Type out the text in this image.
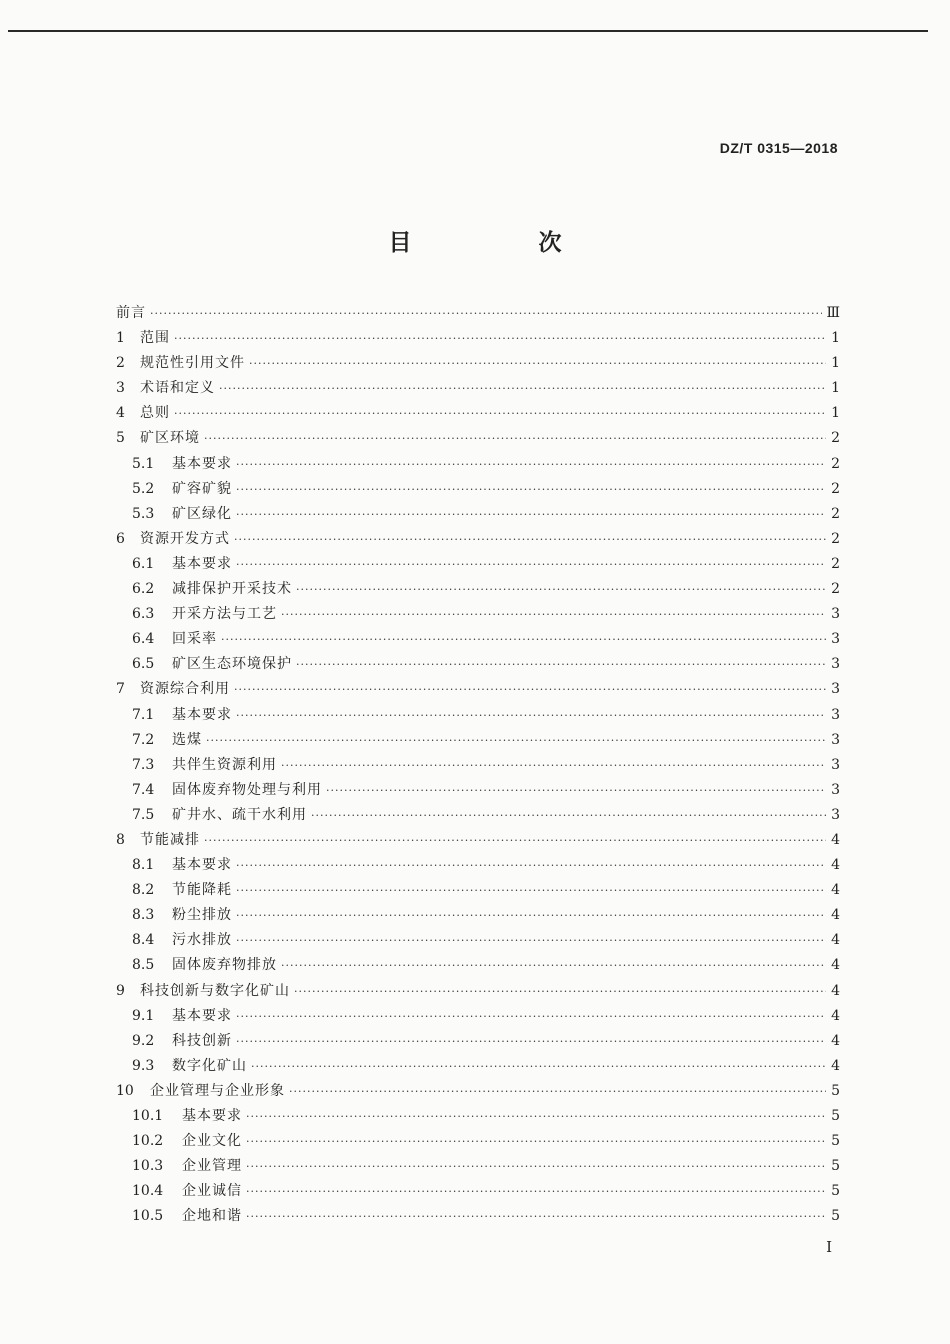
DZ/T 0315—2018
目　次
前言 ·····	Ⅲ
1	范围 ·····	1
2	规范性引用文件 ·····	1
3	术语和定义 ·····	1
4	总则 ·····	1
5	矿区环境 ·····	2
5.1	基本要求 ·····	2
5.2	矿容矿貌 ·····	2
5.3	矿区绿化 ·····	2
6	资源开发方式 ·····	2
6.1	基本要求 ·····	2
6.2	减排保护开采技术 ·····	2
6.3	开采方法与工艺 ·····	3
6.4	回采率 ·····	3
6.5	矿区生态环境保护 ·····	3
7	资源综合利用 ·····	3
7.1	基本要求 ·····	3
7.2	选煤 ·····	3
7.3	共伴生资源利用 ·····	3
7.4	固体废弃物处理与利用 ·····	3
7.5	矿井水、疏干水利用 ·····	3
8	节能减排 ·····	4
8.1	基本要求 ·····	4
8.2	节能降耗 ·····	4
8.3	粉尘排放 ·····	4
8.4	污水排放 ·····	4
8.5	固体废弃物排放 ·····	4
9	科技创新与数字化矿山 ·····	4
9.1	基本要求 ·····	4
9.2	科技创新 ·····	4
9.3	数字化矿山 ·····	4
10	企业管理与企业形象 ·····	5
10.1	基本要求 ·····	5
10.2	企业文化 ·····	5
10.3	企业管理 ·····	5
10.4	企业诚信 ·····	5
10.5	企地和谐 ·····	5
Ⅰ
